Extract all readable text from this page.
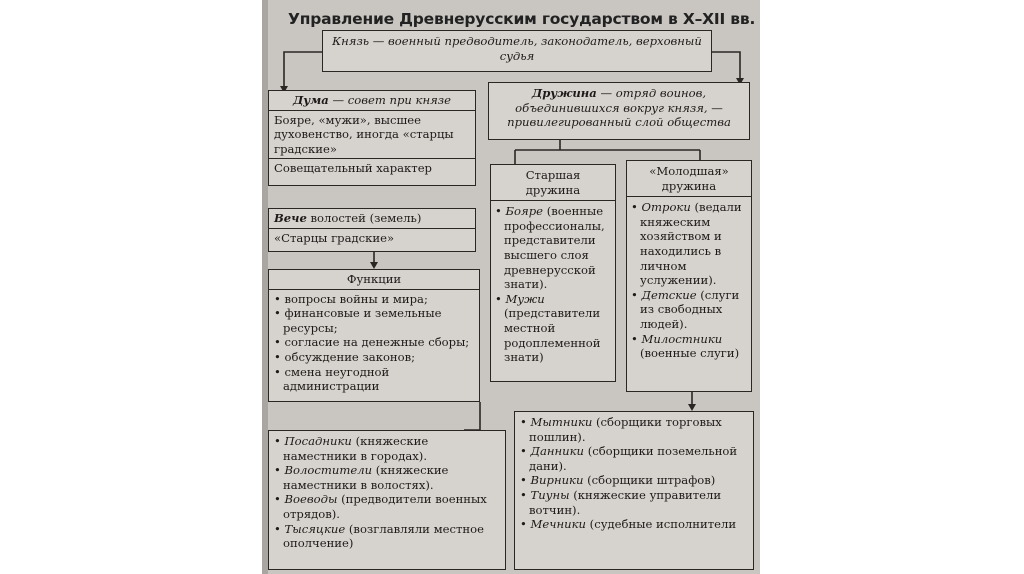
Управление Древнерусским государством в X–XII вв.
Князь — военный предводитель, законодатель, верховный судья
Дума — совет при князе
Бояре, «мужи», высшее духовенство, иногда «старцы градские»
Совещательный характер
Дружина — отряд воинов, объединившихся вокруг князя, — привилегированный слой общества
Старшая дружина
• Бояре (военные профессионалы, представители высшего слоя древнерусской знати).
• Мужи (представители местной родоплеменной знати)
«Молодшая» дружина
• Отроки (ведали княжеским хозяйством и находились в личном услужении).
• Детские (слуги из свободных людей).
• Милостники (военные слуги)
Вече волостей (земель)
«Старцы градские»
Функции
• вопросы войны и мира;
• финансовые и земельные ресурсы;
• согласие на денежные сборы;
• обсуждение законов;
• смена неугодной администрации
• Посадники (княжеские наместники в городах).
• Волостители (княжеские наместники в волостях).
• Воеводы (предводители военных отрядов).
• Тысяцкие (возглавляли местное ополчение)
• Мытники (сборщики торговых пошлин).
• Данники (сборщики поземельной дани).
• Вирники (сборщики штрафов)
• Тиуны (княжеские управители вотчин).
• Мечники (судебные исполнители
